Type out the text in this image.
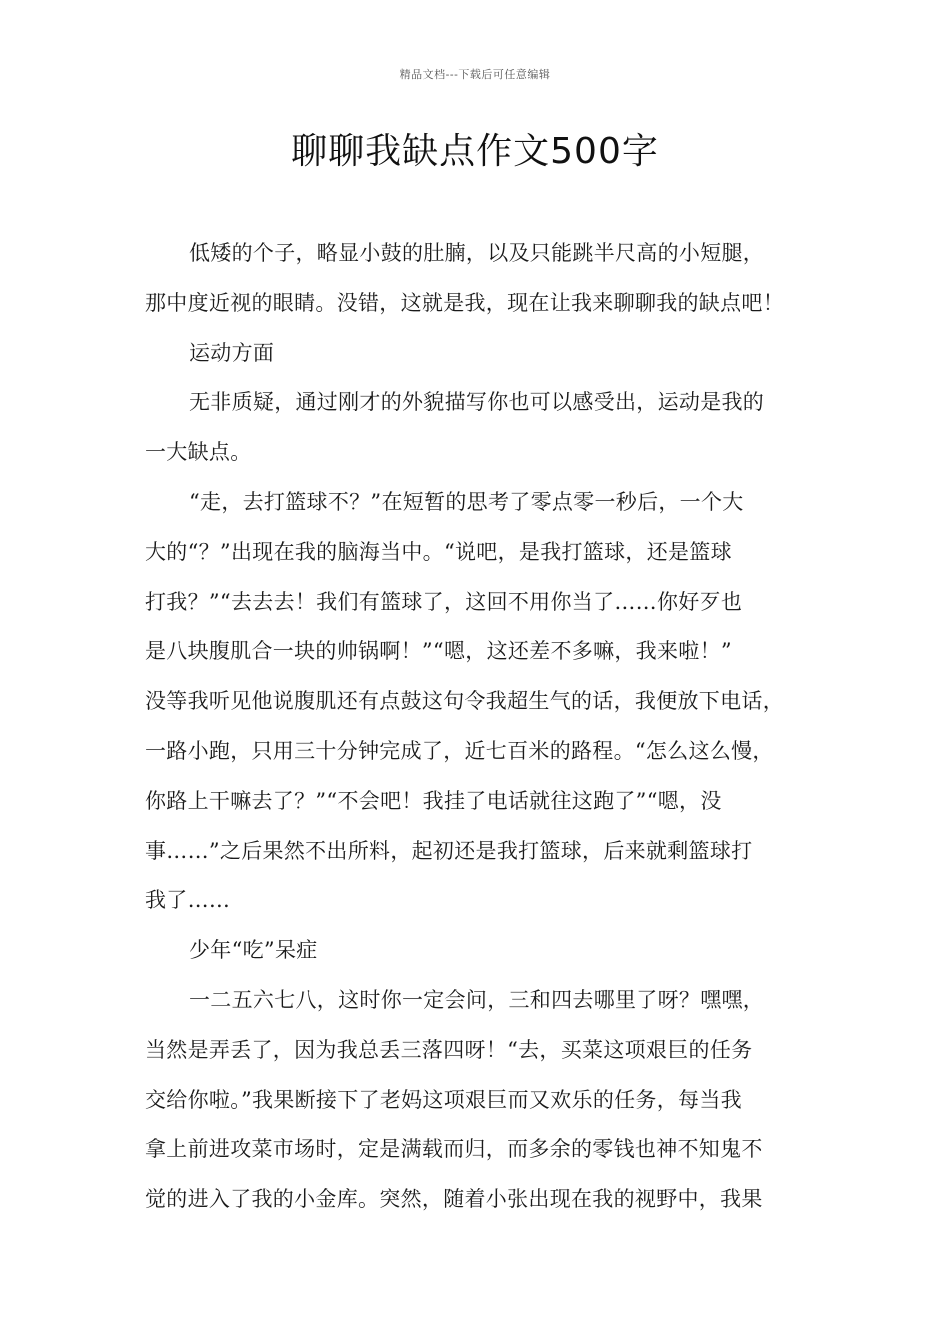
精品文档---下载后可任意编辑
聊聊我缺点作文500字
低矮的个子，略显小鼓的肚腩，以及只能跳半尺高的小短腿，
那中度近视的眼睛。没错，这就是我，现在让我来聊聊我的缺点吧！
运动方面
无非质疑，通过刚才的外貌描写你也可以感受出，运动是我的
一大缺点。
“走，去打篮球不？”在短暂的思考了零点零一秒后，一个大
大的“？”出现在我的脑海当中。“说吧，是我打篮球，还是篮球
打我？”“去去去！我们有篮球了，这回不用你当了……你好歹也
是八块腹肌合一块的帅锅啊！”“嗯，这还差不多嘛，我来啦！”
没等我听见他说腹肌还有点鼓这句令我超生气的话，我便放下电话，
一路小跑，只用三十分钟完成了，近七百米的路程。“怎么这么慢，
你路上干嘛去了？”“不会吧！我挂了电话就往这跑了”“嗯，没
事……”之后果然不出所料，起初还是我打篮球，后来就剩篮球打
我了……
少年“吃”呆症
一二五六七八，这时你一定会问，三和四去哪里了呀？嘿嘿，
当然是弄丢了，因为我总丢三落四呀！“去，买菜这项艰巨的任务
交给你啦。”我果断接下了老妈这项艰巨而又欢乐的任务，每当我
拿上前进攻菜市场时，定是满载而归，而多余的零钱也神不知鬼不
觉的进入了我的小金库。突然，随着小张出现在我的视野中，我果
